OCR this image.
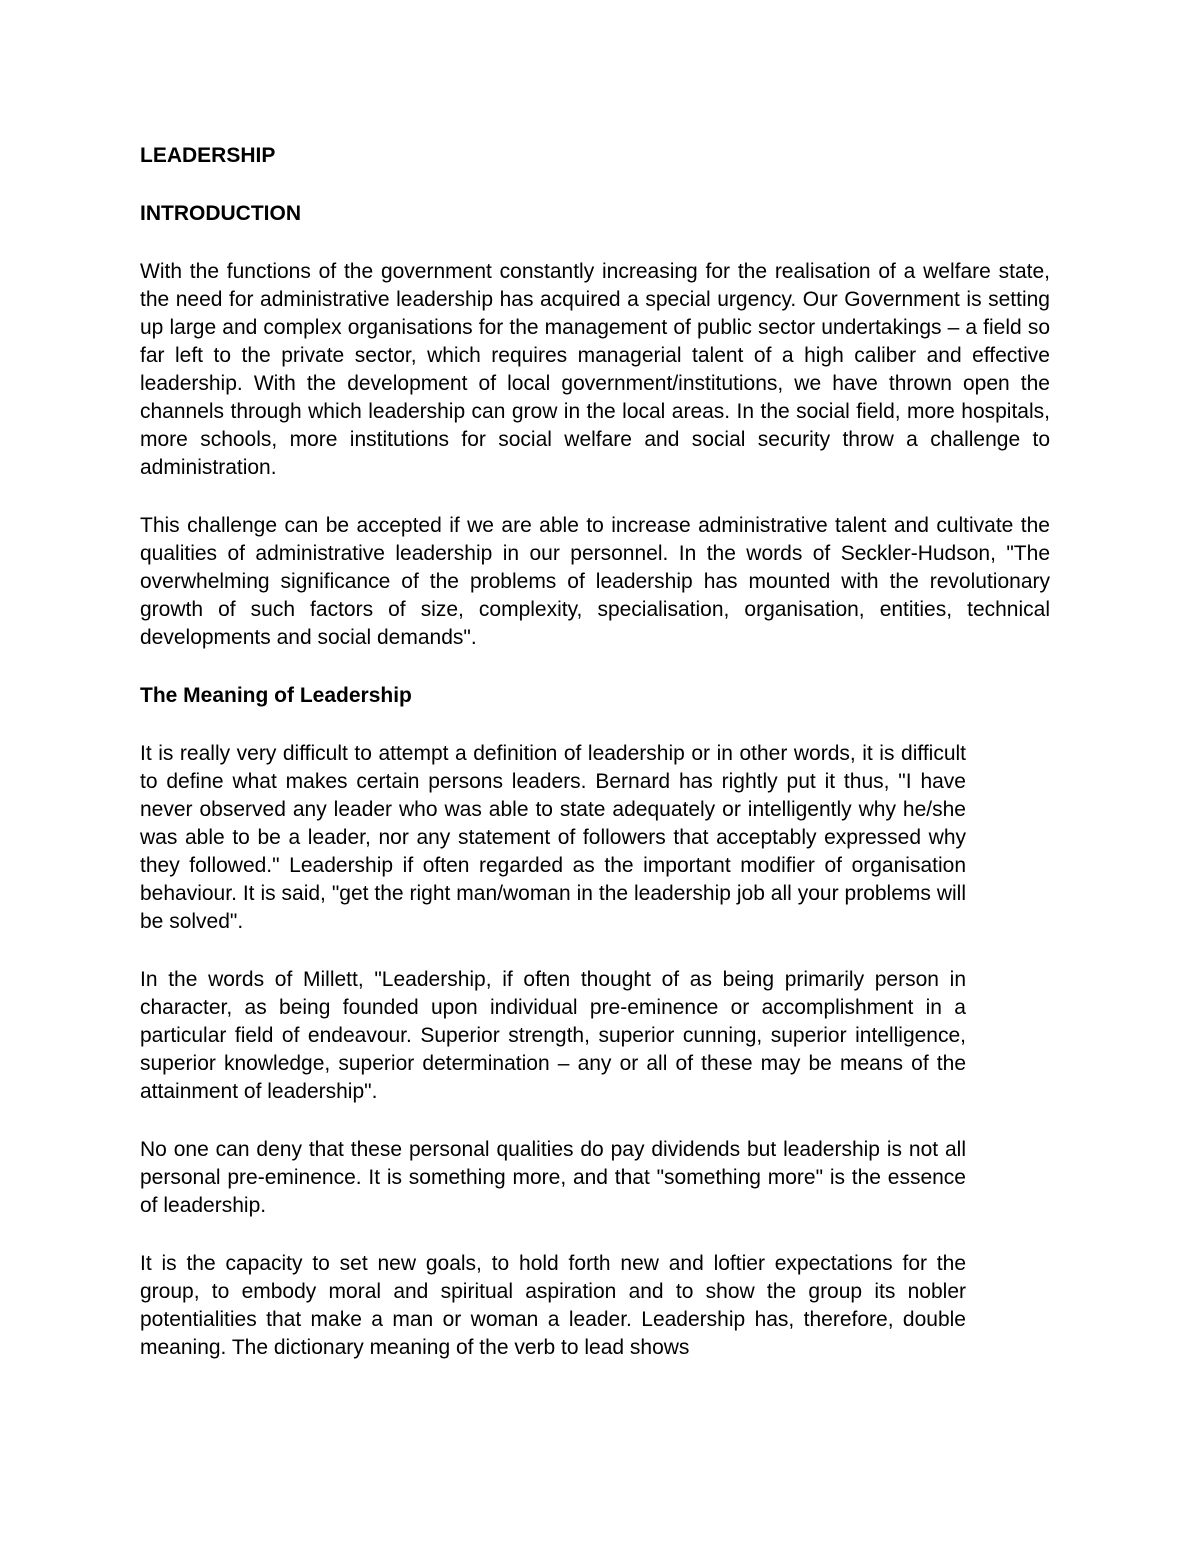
LEADERSHIP
INTRODUCTION

With the functions of the government constantly increasing for the realisation of a welfare state, the need for administrative leadership has acquired a special urgency. Our Government is setting up large and complex organisations for the management of public sector undertakings – a field so far left to the private sector, which requires managerial talent of a high caliber and effective leadership. With the development of local government/institutions, we have thrown open the channels through which leadership can grow in the local areas. In the social field, more hospitals, more schools, more institutions for social welfare and social security throw a challenge to administration.

This challenge can be accepted if we are able to increase administrative talent and cultivate the qualities of administrative leadership in our personnel. In the words of Seckler-Hudson, "The overwhelming significance of the problems of leadership has mounted with the revolutionary growth of such factors of size, complexity, specialisation, organisation, entities, technical developments and social demands".

The Meaning of Leadership

It is really very difficult to attempt a definition of leadership or in other words, it is difficult to define what makes certain persons leaders. Bernard has rightly put it thus, "I have never observed any leader who was able to state adequately or intelligently why he/she was able to be a leader, nor any statement of followers that acceptably expressed why they followed." Leadership if often regarded as the important modifier of organisation behaviour. It is said, "get the right man/woman in the leadership job all your problems will be solved".

In the words of Millett, "Leadership, if often thought of as being primarily person in character, as being founded upon individual pre-eminence or accomplishment in a particular field of endeavour. Superior strength, superior cunning, superior intelligence, superior knowledge, superior determination – any or all of these may be means of the attainment of leadership".

No one can deny that these personal qualities do pay dividends but leadership is not all personal pre-eminence. It is something more, and that "something more" is the essence of leadership.

It is the capacity to set new goals, to hold forth new and loftier expectations for the group, to embody moral and spiritual aspiration and to show the group its nobler potentialities that make a man or woman a leader. Leadership has, therefore, double meaning. The dictionary meaning of the verb to lead shows
